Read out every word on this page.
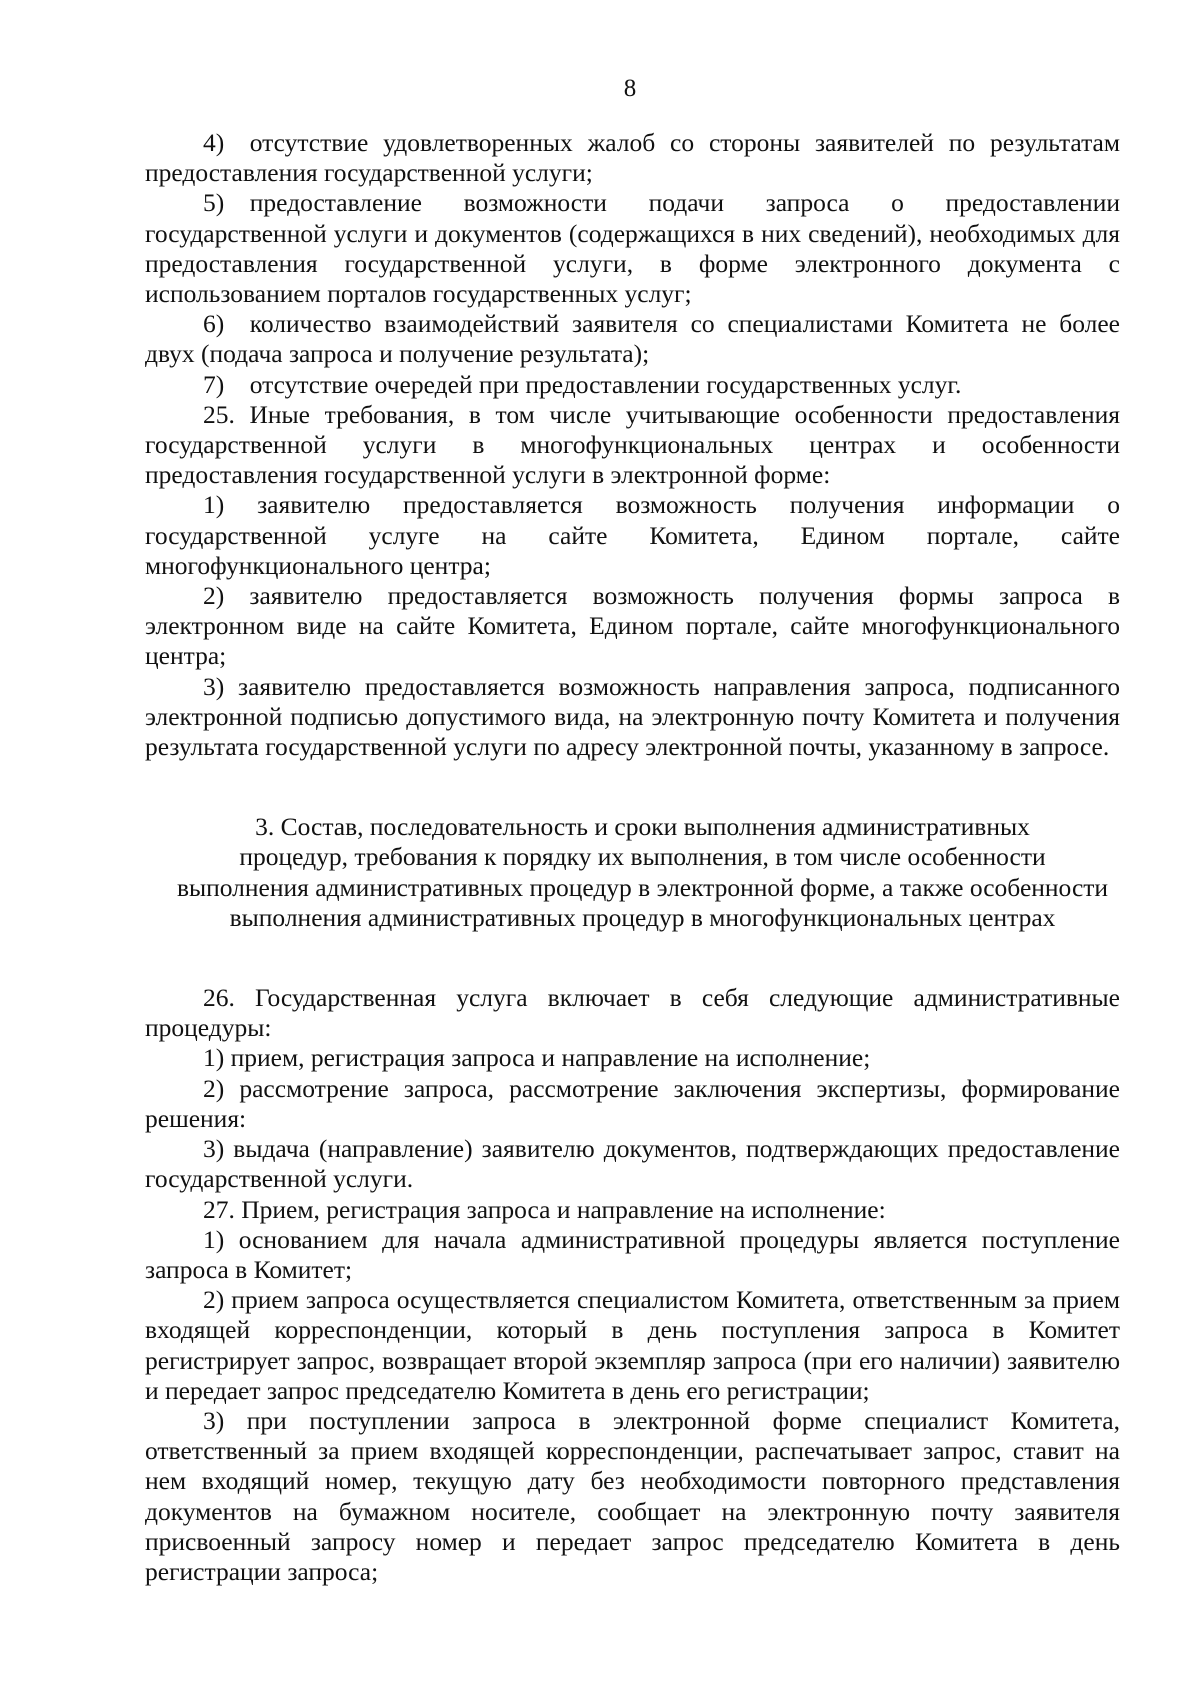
8

4) отсутствие удовлетворенных жалоб со стороны заявителей по результатам предоставления государственной услуги;

5) предоставление возможности подачи запроса о предоставлении государственной услуги и документов (содержащихся в них сведений), необходимых для предоставления государственной услуги, в форме электронного документа с использованием порталов государственных услуг;

6) количество взаимодействий заявителя со специалистами Комитета не более двух (подача запроса и получение результата);

7) отсутствие очередей при предоставлении государственных услуг.

25. Иные требования, в том числе учитывающие особенности предоставления государственной услуги в многофункциональных центрах и особенности предоставления государственной услуги в электронной форме:

1) заявителю предоставляется возможность получения информации о государственной услуге на сайте Комитета, Едином портале, сайте многофункционального центра;

2) заявителю предоставляется возможность получения формы запроса в электронном виде на сайте Комитета, Едином портале, сайте многофункционального центра;

3) заявителю предоставляется возможность направления запроса, подписанного электронной подписью допустимого вида, на электронную почту Комитета и получения результата государственной услуги по адресу электронной почты, указанному в запросе.

3. Состав, последовательность и сроки выполнения административных
процедур, требования к порядку их выполнения, в том числе особенности
выполнения административных процедур в электронной форме, а также особенности
выполнения административных процедур в многофункциональных центрах

26. Государственная услуга включает в себя следующие административные процедуры:

1) прием, регистрация запроса и направление на исполнение;

2) рассмотрение запроса, рассмотрение заключения экспертизы, формирование решения:

3) выдача (направление) заявителю документов, подтверждающих предоставление государственной услуги.

27. Прием, регистрация запроса и направление на исполнение:

1) основанием для начала административной процедуры является поступление запроса в Комитет;

2) прием запроса осуществляется специалистом Комитета, ответственным за прием входящей корреспонденции, который в день поступления запроса в Комитет регистрирует запрос, возвращает второй экземпляр запроса (при его наличии) заявителю и передает запрос председателю Комитета в день его регистрации;

3) при поступлении запроса в электронной форме специалист Комитета, ответственный за прием входящей корреспонденции, распечатывает запрос, ставит на нем входящий номер, текущую дату без необходимости повторного представления документов на бумажном носителе, сообщает на электронную почту заявителя присвоенный запросу номер и передает запрос председателю Комитета в день регистрации запроса;
